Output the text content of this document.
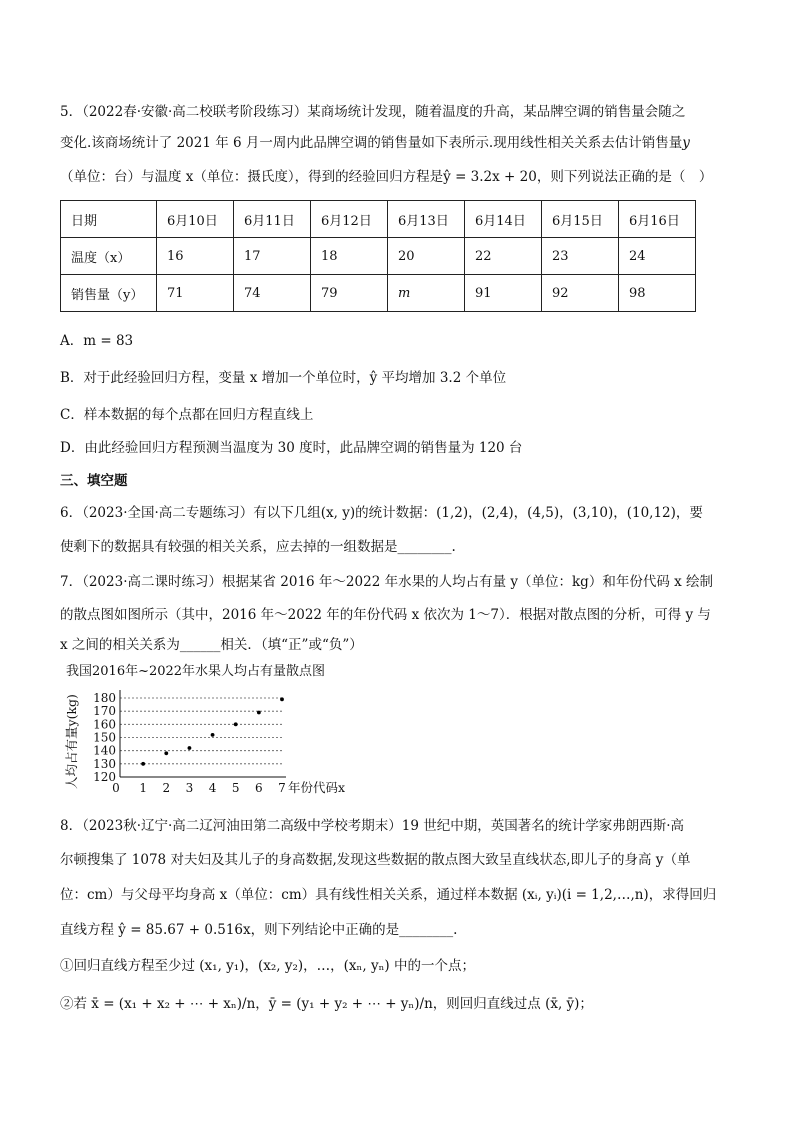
5．（2022春·安徽·高二校联考阶段练习）某商场统计发现，随着温度的升高，某品牌空调的销售量会随之
变化.该商场统计了 2021 年 6 月一周内此品牌空调的销售量如下表所示.现用线性相关关系去估计销售量y
（单位：台）与温度 x（单位：摄氏度），得到的经验回归方程是ŷ = 3.2x + 20，则下列说法正确的是（　）
日期	6月10日	6月11日	6月12日	6月13日	6月14日	6月15日	6月16日
温度（x）	16	17	18	20	22	23	24
销售量（y）	71	74	79	m	91	92	98
A．m = 83
B．对于此经验回归方程，变量 x 增加一个单位时，ŷ 平均增加 3.2 个单位
C．样本数据的每个点都在回归方程直线上
D．由此经验回归方程预测当温度为 30 度时，此品牌空调的销售量为 120 台
三、填空题
6．（2023·全国·高二专题练习）有以下几组(x, y)的统计数据：(1,2)，(2,4)，(4,5)，(3,10)，(10,12)，要
使剩下的数据具有较强的相关关系，应去掉的一组数据是________.
7．（2023·高二课时练习）根据某省 2016 年～2022 年水果的人均占有量 y（单位：kg）和年份代码 x 绘制
的散点图如图所示（其中，2016 年～2022 年的年份代码 x 依次为 1～7）．根据对散点图的分析，可得 y 与
x 之间的相关关系为______相关．（填“正”或“负”）
我国2016年~2022年水果人均占有量散点图
120
130
140
150
160
170
180
0 1 2 3 4 5 6 7 年份代码x
人均占有量y(kg)
8．（2023秋·辽宁·高二辽河油田第二高级中学校考期末）19 世纪中期，英国著名的统计学家弗朗西斯·高
尔顿搜集了 1078 对夫妇及其儿子的身高数据,发现这些数据的散点图大致呈直线状态,即儿子的身高 y（单
位：cm）与父母平均身高 x（单位：cm）具有线性相关关系，通过样本数据 (xᵢ, yᵢ)(i = 1,2,…,n)，求得回归
直线方程 ŷ = 85.67 + 0.516x，则下列结论中正确的是________.
①回归直线方程至少过 (x₁, y₁)，(x₂, y₂)，…，(xₙ, yₙ) 中的一个点；
②若 x̄ = (x₁ + x₂ + ⋯ + xₙ)/n，ȳ = (y₁ + y₂ + ⋯ + yₙ)/n，则回归直线过点 (x̄, ȳ)；
